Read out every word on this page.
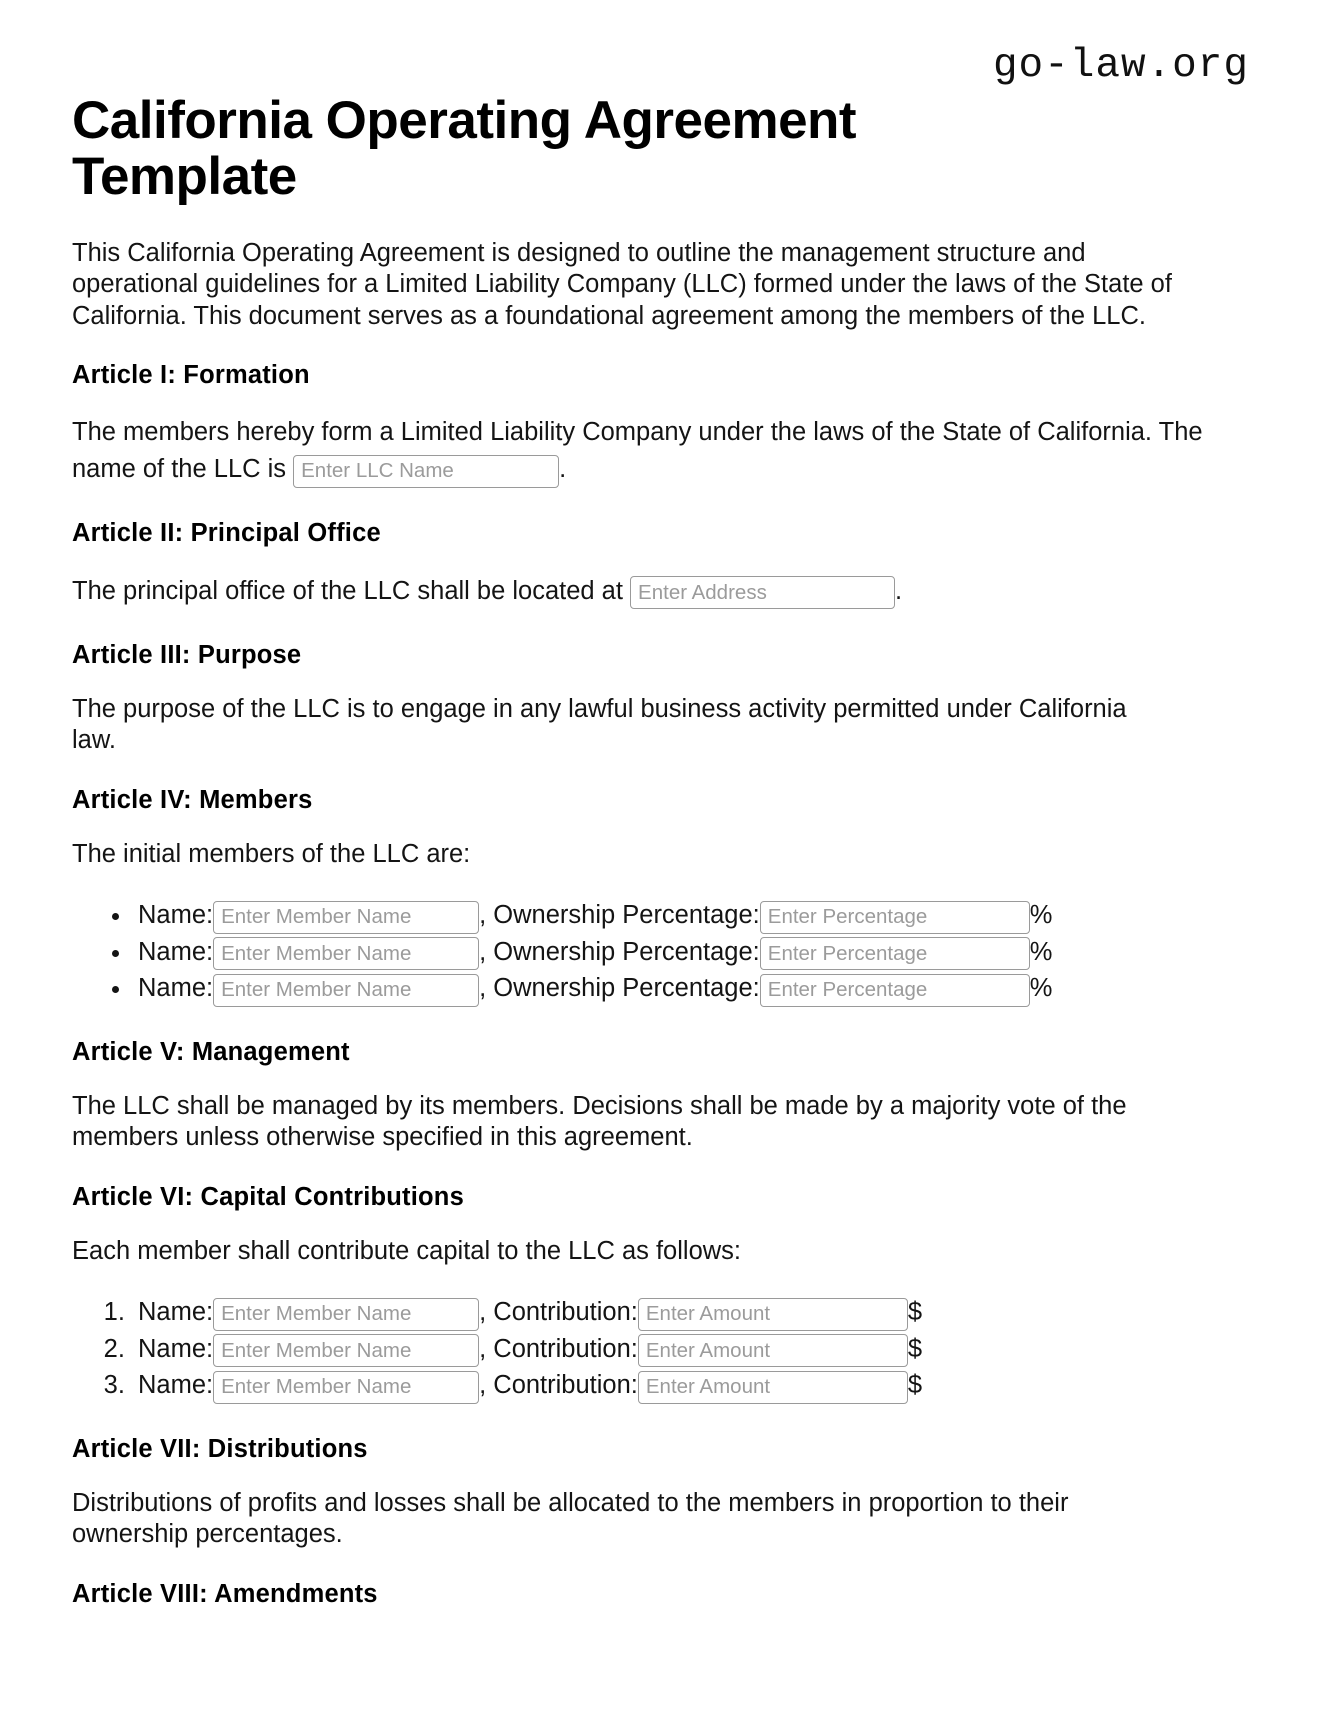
go-law.org
California Operating Agreement Template

This California Operating Agreement is designed to outline the management structure and operational guidelines for a Limited Liability Company (LLC) formed under the laws of the State of California. This document serves as a foundational agreement among the members of the LLC.

Article I: Formation
The members hereby form a Limited Liability Company under the laws of the State of California. The name of the LLC is Enter LLC Name	.
Article II: Principal Office
The principal office of the LLC shall be located at Enter Address	.
Article III: Purpose

The purpose of the LLC is to engage in any lawful business activity permitted under California law.

Article IV: Members

The initial members of the LLC are:

• Name:Enter Member Name	, Ownership Percentage:Enter Percentage	%
• Name:Enter Member Name	, Ownership Percentage:Enter Percentage	%
• Name:Enter Member Name	, Ownership Percentage:Enter Percentage	%
Article V: Management

The LLC shall be managed by its members. Decisions shall be made by a majority vote of the members unless otherwise specified in this agreement.

Article VI: Capital Contributions

Each member shall contribute capital to the LLC as follows:

1. Name:Enter Member Name	, Contribution:Enter Amount	$
2. Name:Enter Member Name	, Contribution:Enter Amount	$
3. Name:Enter Member Name	, Contribution:Enter Amount	$
Article VII: Distributions

Distributions of profits and losses shall be allocated to the members in proportion to their ownership percentages.

Article VIII: Amendments
